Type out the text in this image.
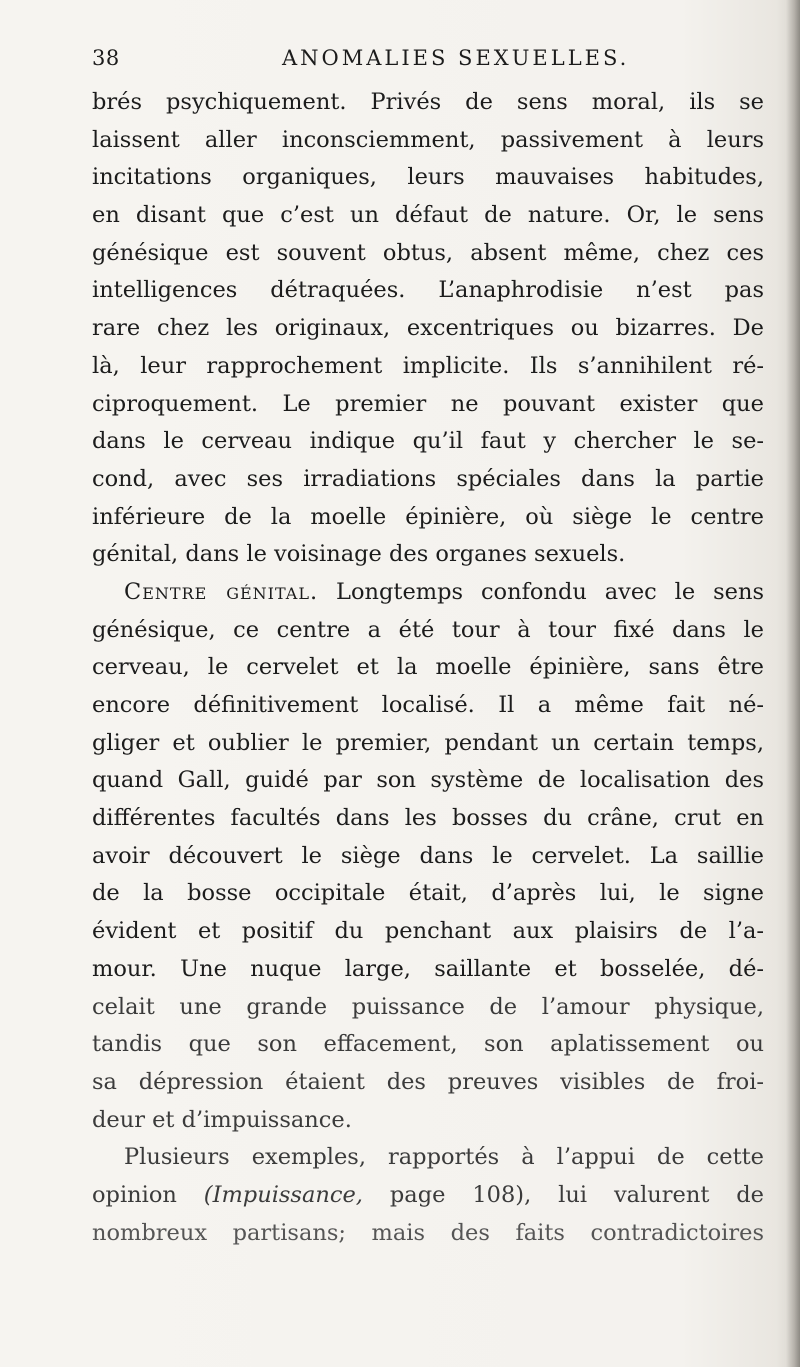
38	ANOMALIES SEXUELLES.
brés psychiquement. Privés de sens moral, ils se
laissent aller inconsciemment, passivement à leurs
incitations organiques, leurs mauvaises habitudes,
en disant que c’est un défaut de nature. Or, le sens
génésique est souvent obtus, absent même, chez ces
intelligences détraquées. L’anaphrodisie n’est pas
rare chez les originaux, excentriques ou bizarres. De
là, leur rapprochement implicite. Ils s’annihilent ré-
ciproquement. Le premier ne pouvant exister que
dans le cerveau indique qu’il faut y chercher le se-
cond, avec ses irradiations spéciales dans la partie
inférieure de la moelle épinière, où siège le centre
génital, dans le voisinage des organes sexuels.
Centre génital. Longtemps confondu avec le sens
génésique, ce centre a été tour à tour fixé dans le
cerveau, le cervelet et la moelle épinière, sans être
encore définitivement localisé. Il a même fait né-
gliger et oublier le premier, pendant un certain temps,
quand Gall, guidé par son système de localisation des
différentes facultés dans les bosses du crâne, crut en
avoir découvert le siège dans le cervelet. La saillie
de la bosse occipitale était, d’après lui, le signe
évident et positif du penchant aux plaisirs de l’a-
mour. Une nuque large, saillante et bosselée, dé-
celait une grande puissance de l’amour physique,
tandis que son effacement, son aplatissement ou
sa dépression étaient des preuves visibles de froi-
deur et d’impuissance.
Plusieurs exemples, rapportés à l’appui de cette
opinion (Impuissance, page 108), lui valurent de
nombreux partisans; mais des faits contradictoires
